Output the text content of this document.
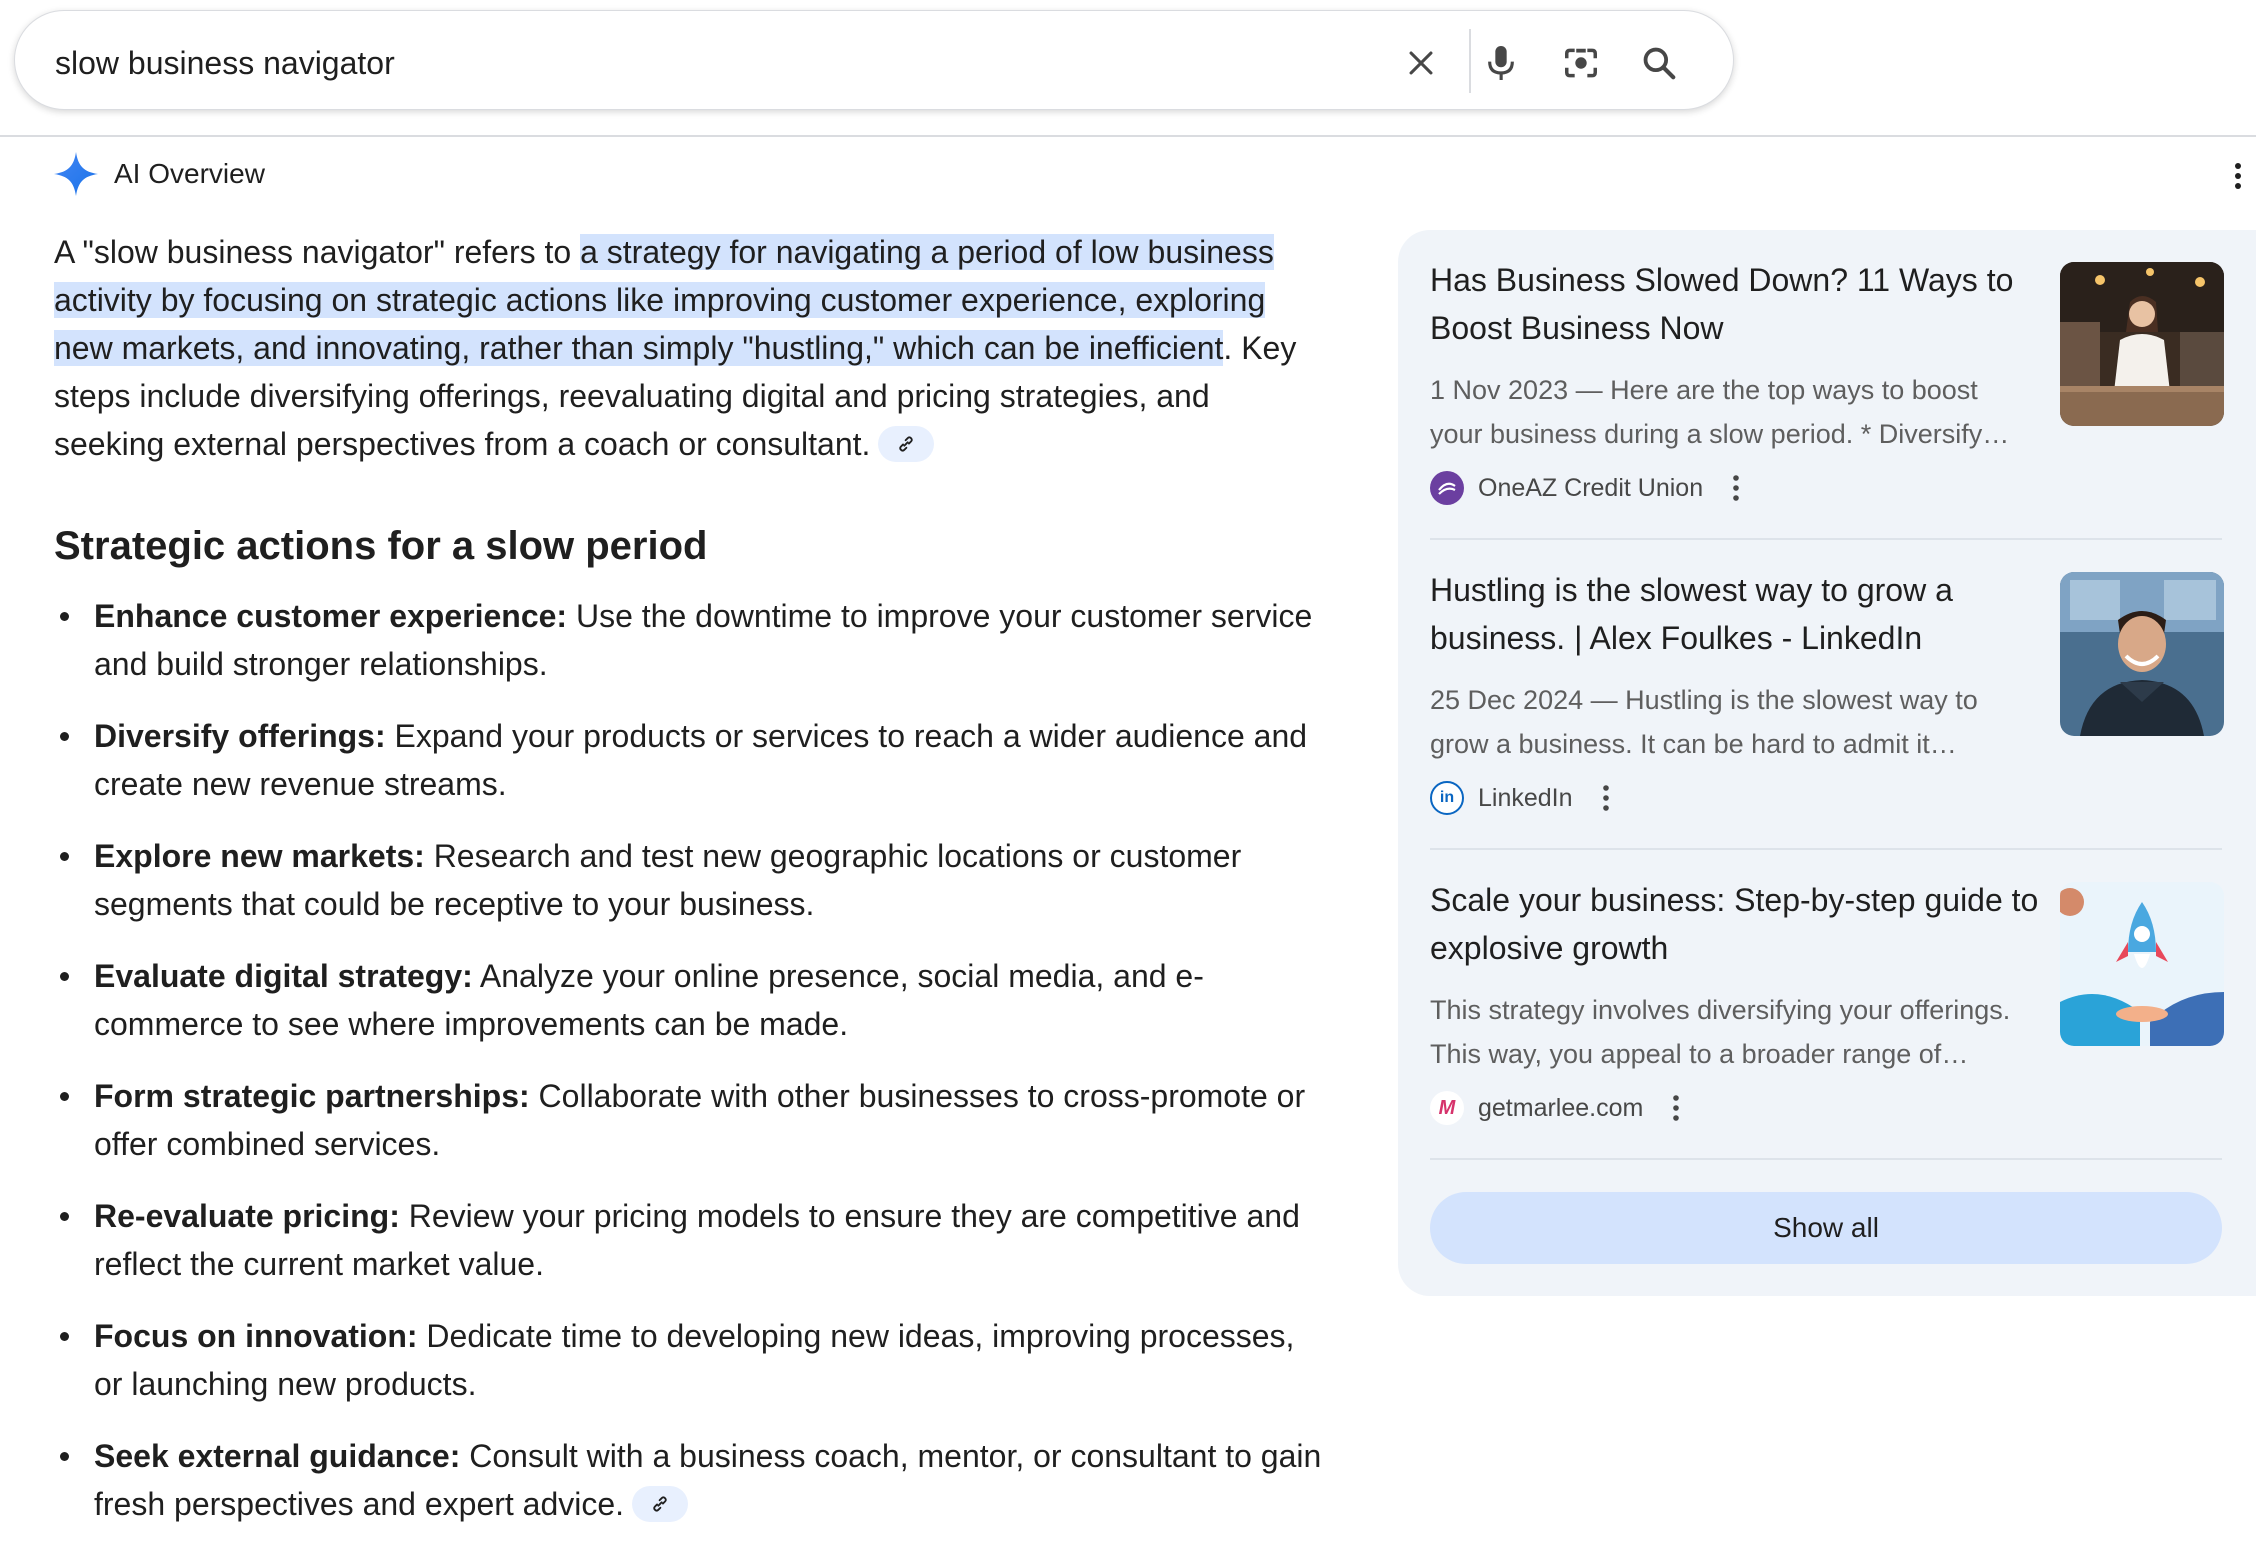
slow business navigator
AI Overview

A "slow business navigator" refers to a strategy for navigating a period of low business activity by focusing on strategic actions like improving customer experience, exploring new markets, and innovating, rather than simply "hustling," which can be inefficient. Key steps include diversifying offerings, reevaluating digital and pricing strategies, and seeking external perspectives from a coach or consultant.

Strategic actions for a slow period
Enhance customer experience: Use the downtime to improve your customer service and build stronger relationships.
Diversify offerings: Expand your products or services to reach a wider audience and create new revenue streams.
Explore new markets: Research and test new geographic locations or customer segments that could be receptive to your business.
Evaluate digital strategy: Analyze your online presence, social media, and e-commerce to see where improvements can be made.
Form strategic partnerships: Collaborate with other businesses to cross-promote or offer combined services.
Re-evaluate pricing: Review your pricing models to ensure they are competitive and reflect the current market value.
Focus on innovation: Dedicate time to developing new ideas, improving processes, or launching new products.
Seek external guidance: Consult with a business coach, mentor, or consultant to gain fresh perspectives and expert advice.
Has Business Slowed Down? 11 Ways to Boost Business Now
1 Nov 2023 — Here are the top ways to boost
your business during a slow period. * Diversify…
OneAZ Credit Union
Hustling is the slowest way to grow a business. | Alex Foulkes - LinkedIn
25 Dec 2024 — Hustling is the slowest way to
grow a business. It can be hard to admit it…
in LinkedIn
Scale your business: Step-by-step guide to explosive growth
This strategy involves diversifying your offerings.
This way, you appeal to a broader range of…
M getmarlee.com
Show all
